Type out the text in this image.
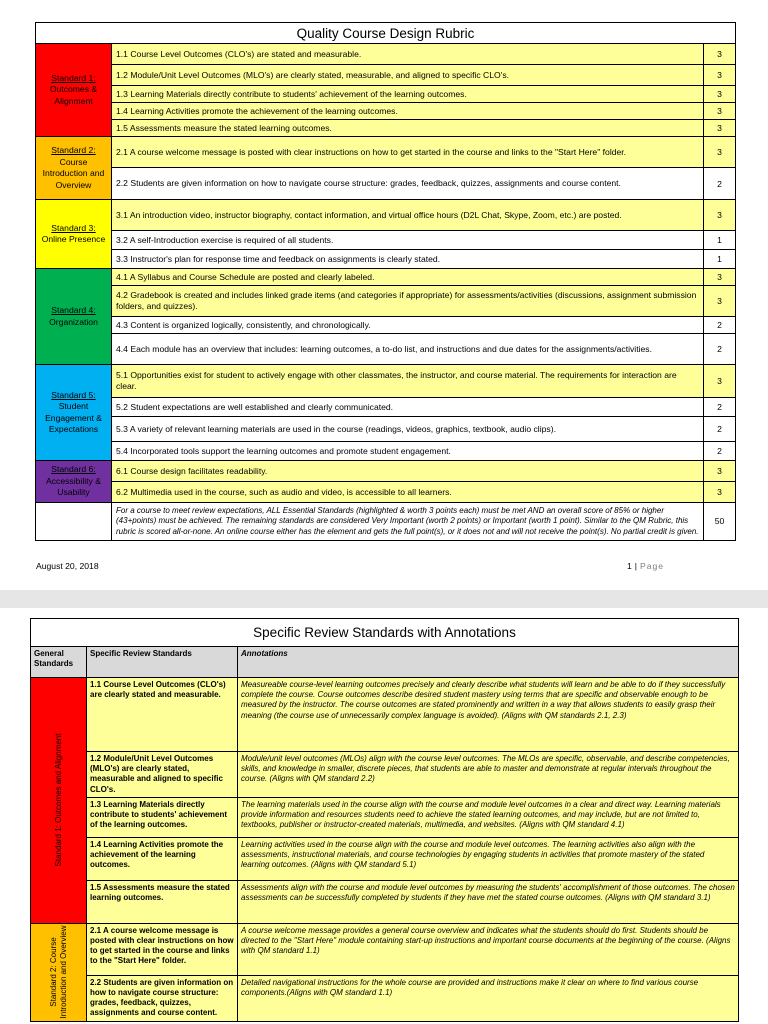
Quality Course Design Rubric		
Standard 1:
Outcomes & Alignment	1.1 Course Level Outcomes (CLO's) are stated and measurable.	3
	1.2 Module/Unit Level Outcomes (MLO's) are clearly stated, measurable, and aligned to specific CLO's.	3
	1.3 Learning Materials directly contribute to students' achievement of the learning outcomes.	3
	1.4 Learning Activities promote the achievement of the learning outcomes.	3
	1.5 Assessments measure the stated learning outcomes.	3
Standard 2:
Course Introduction and Overview	2.1 A course welcome message is posted with clear instructions on how to get started in the course and links to the "Start Here" folder.	3
	2.2 Students are given information on how to navigate course structure: grades, feedback, quizzes, assignments and course content.	2
Standard 3:
Online Presence	3.1 An introduction video, instructor biography, contact information, and virtual office hours (D2L Chat, Skype, Zoom, etc.) are posted.	3
	3.2 A self-Introduction exercise is required of all students.	1
	3.3 Instructor's plan for response time and feedback on assignments is clearly stated.	1
Standard 4:
Organization	4.1 A Syllabus and Course Schedule are posted and clearly labeled.	3
	4.2 Gradebook is created and includes linked grade items (and categories if appropriate) for assessments/activities (discussions, assignment submission folders, and quizzes).	3
	4.3 Content is organized logically, consistently, and chronologically.	2
	4.4 Each module has an overview that includes: learning outcomes, a to-do list, and instructions and due dates for the assignments/activities.	2
Standard 5:
Student Engagement & Expectations	5.1 Opportunities exist for student to actively engage with other classmates, the instructor, and course material. The requirements for interaction are clear.	3
	5.2 Student expectations are well established and clearly communicated.	2
	5.3 A variety of relevant learning materials are used in the course (readings, videos, graphics, textbook, audio clips).	2
	5.4 Incorporated tools support the learning outcomes and promote student engagement.	2
Standard 6:
Accessibility & Usability	6.1 Course design facilitates readability.	3
	6.2 Multimedia used in the course, such as audio and video, is accessible to all learners.	3
	For a course to meet review expectations, ALL Essential Standards (highlighted & worth 3 points each) must be met AND an overall score of 85% or higher (43+points) must be achieved. The remaining standards are considered Very Important (worth 2 points) or Important (worth 1 point). Similar to the QM Rubric, this rubric is scored all-or-none. An online course either has the element and gets the full point(s), or it does not and will not receive the point(s). No partial credit is given.	50
August 20, 2018	1 | Page
Specific Review Standards with Annotations		
General Standards	Specific Review Standards	Annotations

Standard 1: Outcomes and Alignment	1.1 Course Level Outcomes (CLO's) are clearly stated and measurable.	Measureable course-level learning outcomes precisely and clearly describe what students will learn and be able to do if they successfully complete the course. Course outcomes describe desired student mastery using terms that are specific and observable enough to be measured by the instructor. The course outcomes are stated prominently and written in a way that allows students to easily grasp their meaning (the course use of unnecessarily complex language is avoided). (Aligns with QM standards 2.1, 2.3)
	1.2 Module/Unit Level Outcomes (MLO's) are clearly stated, measurable and aligned to specific CLO's.	Module/unit level outcomes (MLOs) align with the course level outcomes. The MLOs are specific, observable, and describe competencies, skills, and knowledge in smaller, discrete pieces, that students are able to master and demonstrate at regular intervals throughout the course. (Aligns with QM standard 2.2)
	1.3 Learning Materials directly contribute to students' achievement of the learning outcomes.	The learning materials used in the course align with the course and module level outcomes in a clear and direct way. Learning materials provide information and resources students need to achieve the stated learning outcomes, and may include, but are not limited to, textbooks, publisher or instructor-created materials, multimedia, and websites. (Aligns with QM standard 4.1)
	1.4 Learning Activities promote the achievement of the learning outcomes.	Learning activities used in the course align with the course and module level outcomes. The learning activities also align with the assessments, instructional materials, and course technologies by engaging students in activities that promote mastery of the stated learning outcomes. (Aligns with QM standard 5.1)
	1.5 Assessments measure the stated learning outcomes.	Assessments align with the course and module level outcomes by measuring the students' accomplishment of those outcomes. The chosen assessments can be successfully completed by students if they have met the stated course outcomes. (Aligns with QM standard 3.1)

Standard 2: Course Introduction and Overview	2.1 A course welcome message is posted with clear instructions on how to get started in the course and links to the "Start Here" folder.	A course welcome message provides a general course overview and indicates what the students should do first. Students should be directed to the "Start Here" module containing start-up instructions and important course documents at the beginning of the course. (Aligns with QM standard 1.1)
	2.2 Students are given information on how to navigate course structure: grades, feedback, quizzes, assignments and course content.	Detailed navigational instructions for the whole course are provided and instructions make it clear on where to find various course components.(Aligns with QM standard 1.1)
